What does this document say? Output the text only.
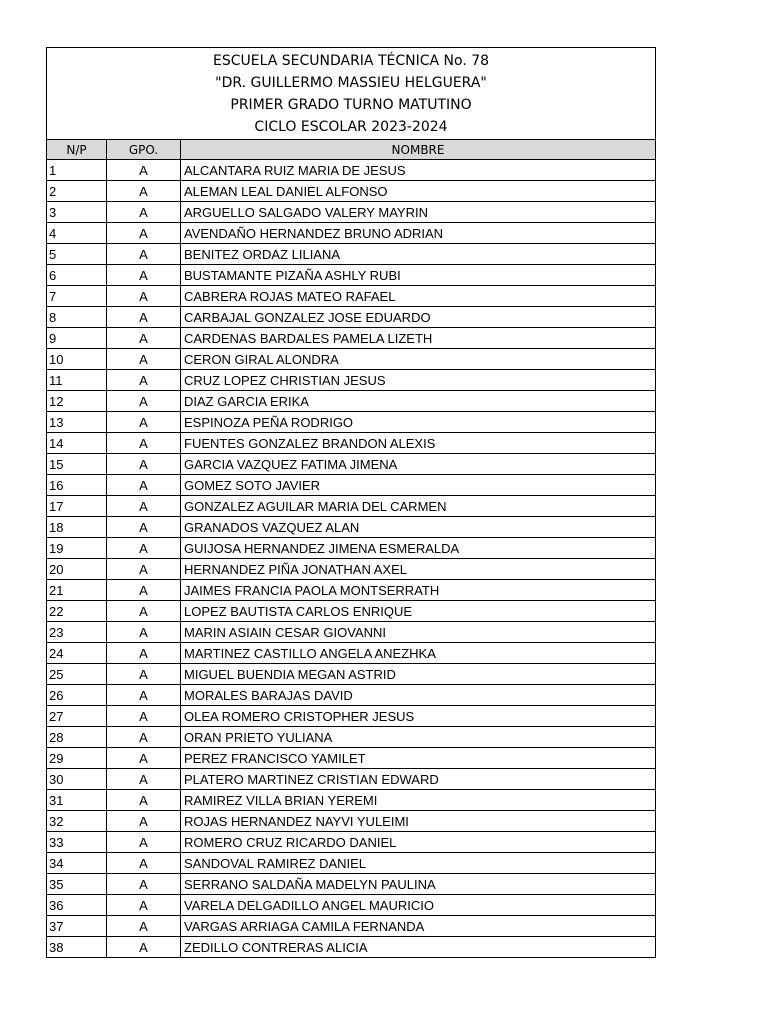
ESCUELA SECUNDARIA TÉCNICA No. 78
"DR. GUILLERMO MASSIEU HELGUERA"
PRIMER GRADO TURNO MATUTINO
CICLO ESCOLAR 2023-2024		

N/P	GPO.	NOMBRE
1	A	ALCANTARA RUIZ MARIA DE JESUS
2	A	ALEMAN LEAL DANIEL ALFONSO
3	A	ARGUELLO SALGADO VALERY MAYRIN
4	A	AVENDAÑO HERNANDEZ BRUNO ADRIAN
5	A	BENITEZ ORDAZ LILIANA
6	A	BUSTAMANTE PIZAÑA ASHLY RUBI
7	A	CABRERA ROJAS MATEO RAFAEL
8	A	CARBAJAL GONZALEZ JOSE EDUARDO
9	A	CARDENAS BARDALES PAMELA LIZETH
10	A	CERON GIRAL ALONDRA
11	A	CRUZ LOPEZ CHRISTIAN JESUS
12	A	DIAZ GARCIA ERIKA
13	A	ESPINOZA PEÑA RODRIGO
14	A	FUENTES GONZALEZ BRANDON ALEXIS
15	A	GARCIA VAZQUEZ FATIMA JIMENA
16	A	GOMEZ SOTO JAVIER
17	A	GONZALEZ AGUILAR MARIA DEL CARMEN
18	A	GRANADOS VAZQUEZ ALAN
19	A	GUIJOSA HERNANDEZ JIMENA ESMERALDA
20	A	HERNANDEZ PIÑA JONATHAN AXEL
21	A	JAIMES FRANCIA PAOLA MONTSERRATH
22	A	LOPEZ BAUTISTA CARLOS ENRIQUE
23	A	MARIN ASIAIN CESAR GIOVANNI
24	A	MARTINEZ CASTILLO ANGELA ANEZHKA
25	A	MIGUEL BUENDIA MEGAN ASTRID
26	A	MORALES BARAJAS DAVID
27	A	OLEA ROMERO CRISTOPHER JESUS
28	A	ORAN PRIETO YULIANA
29	A	PEREZ FRANCISCO YAMILET
30	A	PLATERO MARTINEZ CRISTIAN EDWARD
31	A	RAMIREZ VILLA BRIAN YEREMI
32	A	ROJAS HERNANDEZ NAYVI YULEIMI
33	A	ROMERO CRUZ RICARDO DANIEL
34	A	SANDOVAL RAMIREZ DANIEL
35	A	SERRANO SALDAÑA MADELYN PAULINA
36	A	VARELA DELGADILLO ANGEL MAURICIO
37	A	VARGAS ARRIAGA CAMILA FERNANDA
38	A	ZEDILLO CONTRERAS ALICIA
